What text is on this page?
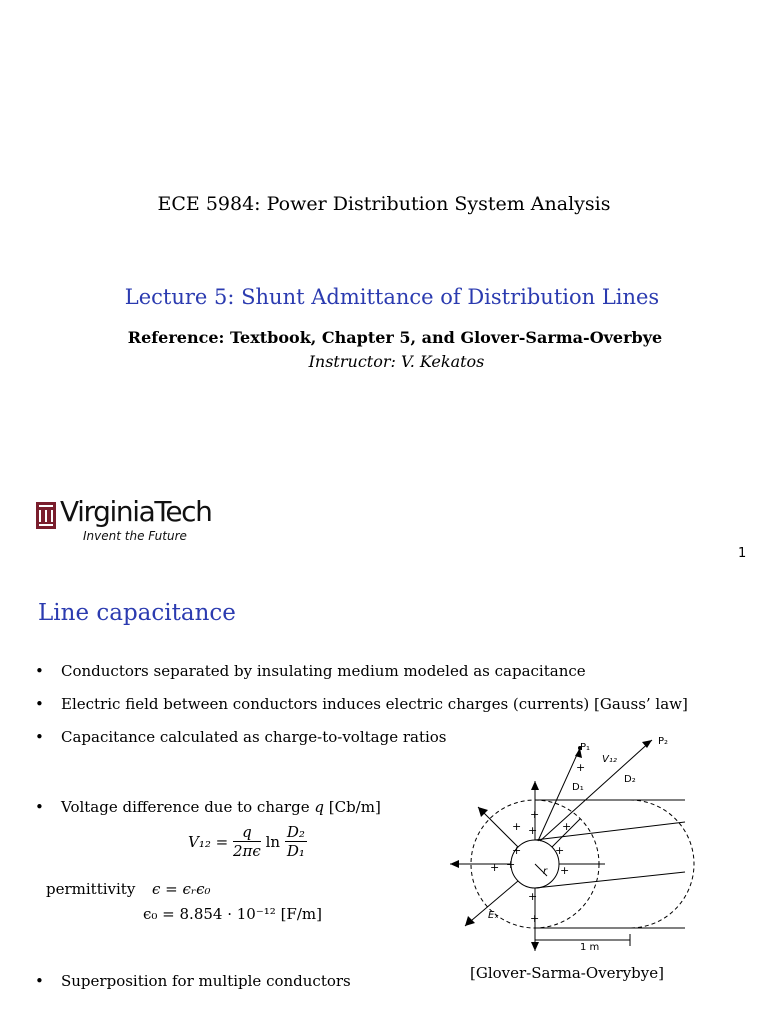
ECE 5984: Power Distribution System Analysis
Lecture 5: Shunt Admittance of Distribution Lines
Reference: Textbook, Chapter 5, and Glover-Sarma-Overbye
Instructor: V. Kekatos
VirginiaTech
Invent the Future
1
Line capacitance
• Conductors separated by insulating medium modeled as capacitance
• Electric field between conductors induces electric charges (currents) [Gauss’ law]
• Capacitance calculated as charge-to-voltage ratios
• Voltage difference due to charge q [Cb/m]
$V_{12} = \frac{q}{2\pi\epsilon}$ $\ln \frac{\text{D₂}}{\text{D₁}}$
permittivity ϵ = ϵᵣϵ₀
ϵ₀ = 8.854 · 10⁻¹² [F/m]
• Superposition for multiple conductors
+
+
+
+
+
+
+	+
+
+
+
+
P₁
P₂
V₁₂
D₁
D₂
r
Eₓ
1 m
[Glover-Sarma-Overybye]
